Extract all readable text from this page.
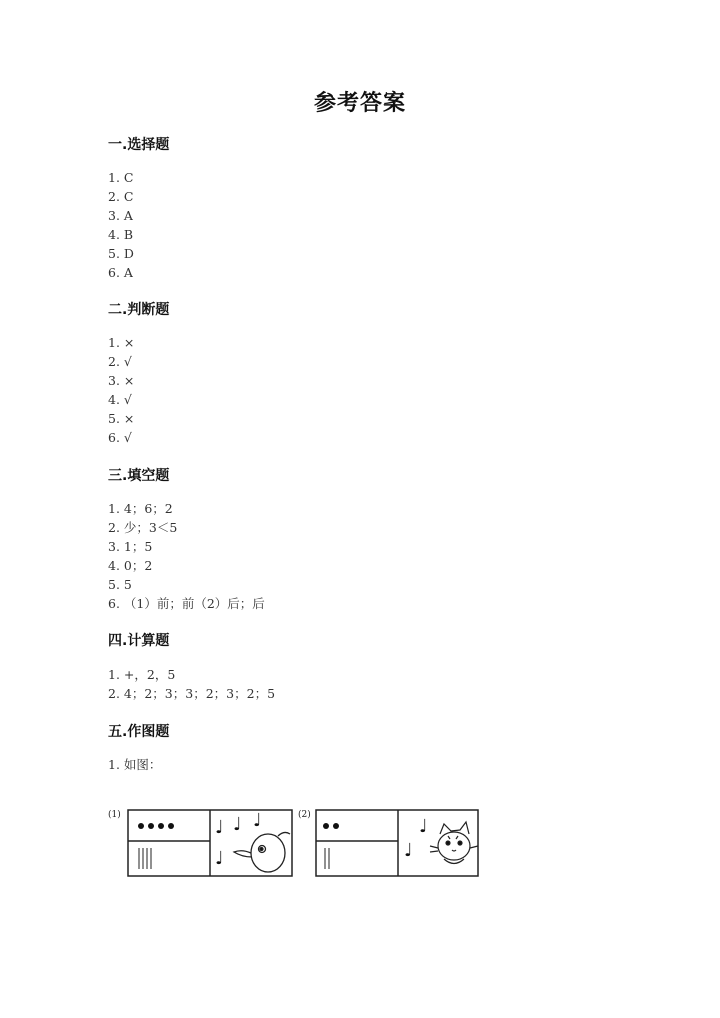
参考答案
一.选择题
1. C
2. C
3. A
4. B
5. D
6. A
二.判断题
1. ×
2. √
3. ×
4. √
5. ×
6. √
三.填空题
1. 4；6；2
2. 少；3＜5
3. 1；5
4. 0；2
5. 5
6. （1）前；前（2）后；后
四.计算题
1. +，2，5
2. 4；2；3；3；2；3；2；5
五.作图题
1. 如图：
(1)
♩ ♩ ♩
♩
(2)
♩
♩
